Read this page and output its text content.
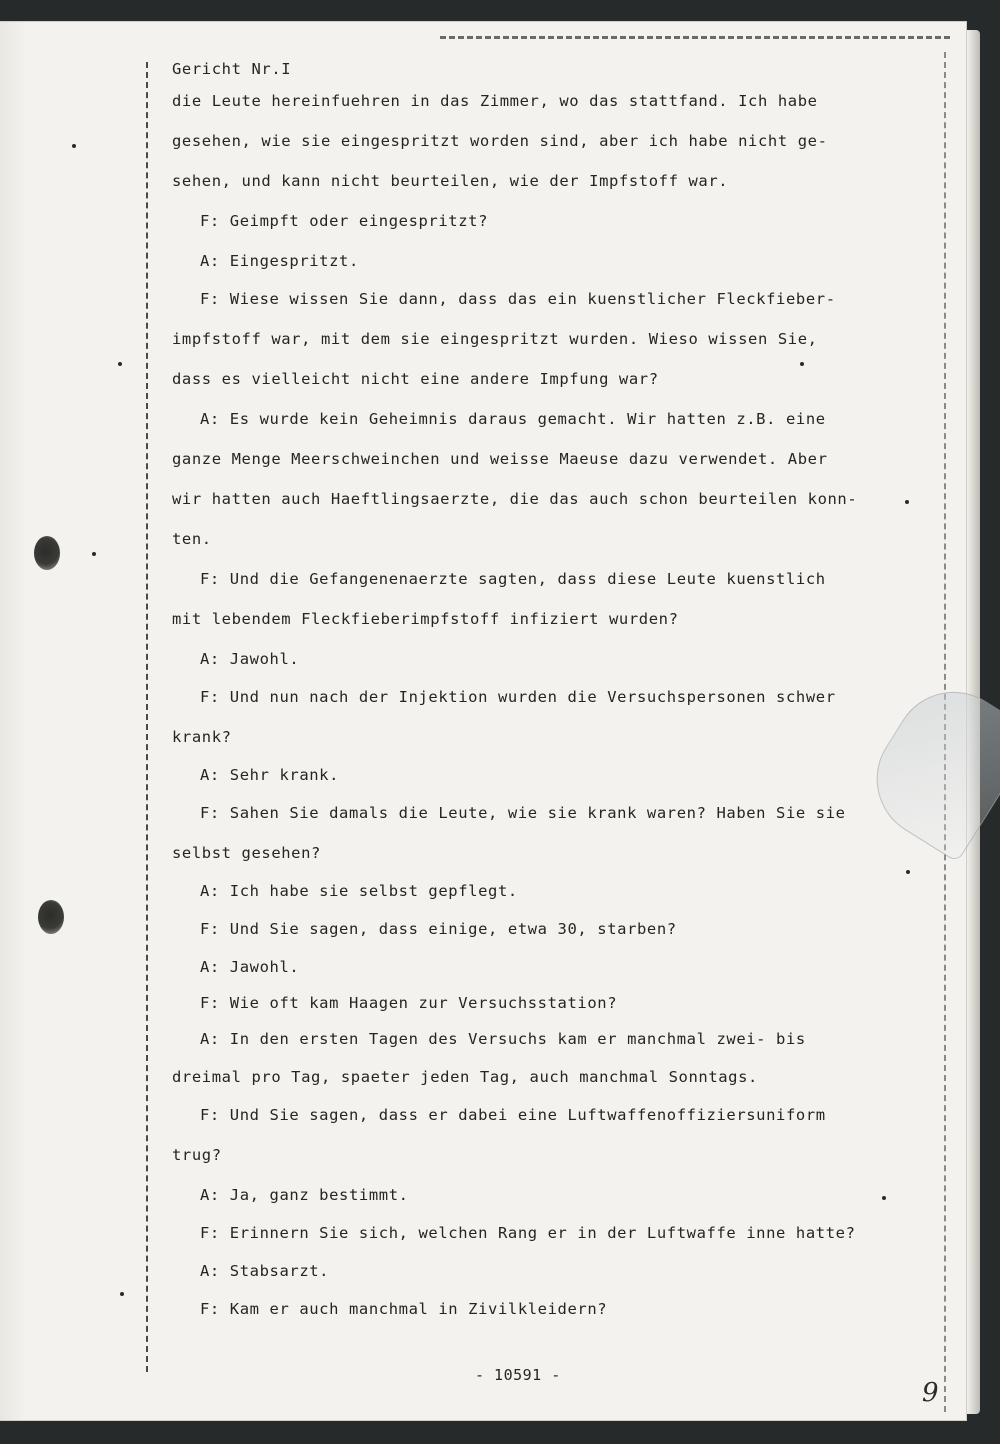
Gericht Nr.I
die Leute hereinfuehren in das Zimmer, wo das stattfand. Ich habe
gesehen, wie sie eingespritzt worden sind, aber ich habe nicht ge-
sehen, und kann nicht beurteilen, wie der Impfstoff war.
F: Geimpft oder eingespritzt?
A: Eingespritzt.
F: Wiese wissen Sie dann, dass das ein kuenstlicher Fleckfieber-
impfstoff war, mit dem sie eingespritzt wurden. Wieso wissen Sie,
dass es vielleicht nicht eine andere Impfung war?
A: Es wurde kein Geheimnis daraus gemacht. Wir hatten z.B. eine
ganze Menge Meerschweinchen und weisse Maeuse dazu verwendet. Aber
wir hatten auch Haeftlingsaerzte, die das auch schon beurteilen konn-
ten.
F: Und die Gefangenenaerzte sagten, dass diese Leute kuenstlich
mit lebendem Fleckfieberimpfstoff infiziert wurden?
A: Jawohl.
F: Und nun nach der Injektion wurden die Versuchspersonen schwer
krank?
A: Sehr krank.
F: Sahen Sie damals die Leute, wie sie krank waren? Haben Sie sie
selbst gesehen?
A: Ich habe sie selbst gepflegt.
F: Und Sie sagen, dass einige, etwa 30, starben?
A: Jawohl.
F: Wie oft kam Haagen zur Versuchsstation?
A: In den ersten Tagen des Versuchs kam er manchmal zwei- bis
dreimal pro Tag, spaeter jeden Tag, auch manchmal Sonntags.
F: Und Sie sagen, dass er dabei eine Luftwaffenoffiziersuniform
trug?
A: Ja, ganz bestimmt.
F: Erinnern Sie sich, welchen Rang er in der Luftwaffe inne hatte?
A: Stabsarzt.
F: Kam er auch manchmal in Zivilkleidern?
- 10591 -
9
